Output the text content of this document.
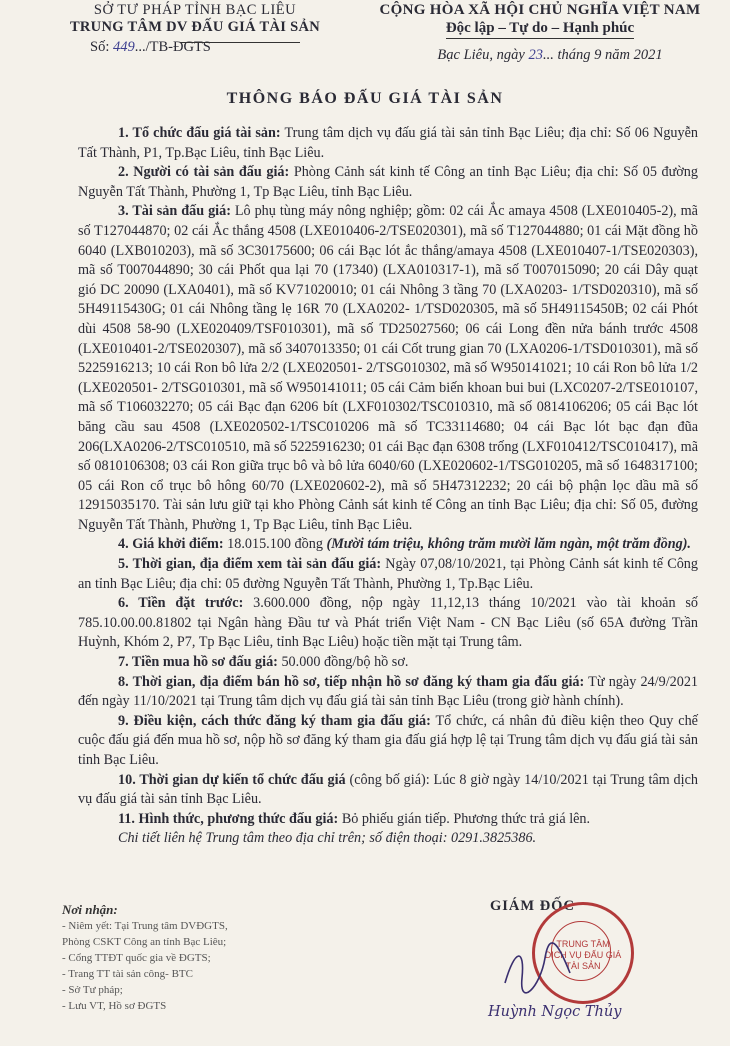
SỞ TƯ PHÁP TỈNH BẠC LIÊU
TRUNG TÂM DV ĐẤU GIÁ TÀI SẢN
Số: 449.../TB-ĐGTS
CỘNG HÒA XÃ HỘI CHỦ NGHĨA VIỆT NAM
Độc lập – Tự do – Hạnh phúc
Bạc Liêu, ngày 23... tháng 9 năm 2021
THÔNG BÁO ĐẤU GIÁ TÀI SẢN

1. Tổ chức đấu giá tài sản: Trung tâm dịch vụ đấu giá tài sản tỉnh Bạc Liêu; địa chỉ: Số 06 Nguyễn Tất Thành, P1, Tp.Bạc Liêu, tỉnh Bạc Liêu.

2. Người có tài sản đấu giá: Phòng Cảnh sát kinh tế Công an tỉnh Bạc Liêu; địa chỉ: Số 05 đường Nguyễn Tất Thành, Phường 1, Tp Bạc Liêu, tỉnh Bạc Liêu.

3. Tài sản đấu giá: Lô phụ tùng máy nông nghiệp; gồm: 02 cái Ắc amaya 4508 (LXE010405-2), mã số T127044870; 02 cái Ắc thắng 4508 (LXE010406-2/TSE020301), mã số T127044880; 01 cái Mặt đồng hồ 6040 (LXB010203), mã số 3C30175600; 06 cái Bạc lót ắc thắng/amaya 4508 (LXE010407-1/TSE020303), mã số T007044890; 30 cái Phốt qua lại 70 (17340) (LXA010317-1), mã số T007015090; 20 cái Dây quạt gió DC 20090 (LXA0401), mã số KV71020010; 01 cái Nhông 3 tầng 70 (LXA0203- 1/TSD020310), mã số 5H49115430G; 01 cái Nhông tầng lẹ 16R 70 (LXA0202- 1/TSD020305, mã số 5H49115450B; 02 cái Phót dùi 4508 58-90 (LXE020409/TSF010301), mã số TD25027560; 06 cái Long đền nửa bánh trước 4508 (LXE010401-2/TSE020307), mã số 3407013350; 01 cái Cốt trung gian 70 (LXA0206-1/TSD010301), mã số 5225916213; 10 cái Ron bô lửa 2/2 (LXE020501- 2/TSG010302, mã số W950141021; 10 cái Ron bô lửa 1/2 (LXE020501- 2/TSG010301, mã số W950141011; 05 cái Cảm biến khoan bui bui (LXC0207-2/TSE010107, mã số T106032270; 05 cái Bạc đạn 6206 bít (LXF010302/TSC010310, mã số 0814106206; 05 cái Bạc lót băng cầu sau 4508 (LXE020502-1/TSC010206 mã số TC33114680; 04 cái Bạc lót bạc đạn đũa 206(LXA0206-2/TSC010510, mã số 5225916230; 01 cái Bạc đạn 6308 trống (LXF010412/TSC010417), mã số 0810106308; 03 cái Ron giữa trục bô và bô lửa 6040/60 (LXE020602-1/TSG010205, mã số 1648317100; 05 cái Ron cổ trục bô hông 60/70 (LXE020602-2), mã số 5H47312232; 20 cái bộ phận lọc dầu mã số 12915035170. Tài sản lưu giữ tại kho Phòng Cảnh sát kinh tế Công an tỉnh Bạc Liêu; địa chỉ: Số 05, đường Nguyễn Tất Thành, Phường 1, Tp Bạc Liêu, tỉnh Bạc Liêu.

4. Giá khởi điểm: 18.015.100 đồng (Mười tám triệu, không trăm mười lăm ngàn, một trăm đồng).

5. Thời gian, địa điểm xem tài sản đấu giá: Ngày 07,08/10/2021, tại Phòng Cảnh sát kinh tế Công an tỉnh Bạc Liêu; địa chỉ: 05 đường Nguyễn Tất Thành, Phường 1, Tp.Bạc Liêu.

6. Tiền đặt trước: 3.600.000 đồng, nộp ngày 11,12,13 tháng 10/2021 vào tài khoản số 785.10.00.00.81802 tại Ngân hàng Đầu tư và Phát triển Việt Nam - CN Bạc Liêu (số 65A đường Trần Huỳnh, Khóm 2, P7, Tp Bạc Liêu, tỉnh Bạc Liêu) hoặc tiền mặt tại Trung tâm.

7. Tiền mua hồ sơ đấu giá: 50.000 đồng/bộ hồ sơ.

8. Thời gian, địa điểm bán hồ sơ, tiếp nhận hồ sơ đăng ký tham gia đấu giá: Từ ngày 24/9/2021 đến ngày 11/10/2021 tại Trung tâm dịch vụ đấu giá tài sản tỉnh Bạc Liêu (trong giờ hành chính).

9. Điều kiện, cách thức đăng ký tham gia đấu giá: Tổ chức, cá nhân đủ điều kiện theo Quy chế cuộc đấu giá đến mua hồ sơ, nộp hồ sơ đăng ký tham gia đấu giá hợp lệ tại Trung tâm dịch vụ đấu giá tài sản tỉnh Bạc Liêu.

10. Thời gian dự kiến tổ chức đấu giá (công bố giá): Lúc 8 giờ ngày 14/10/2021 tại Trung tâm dịch vụ đấu giá tài sản tỉnh Bạc Liêu.

11. Hình thức, phương thức đấu giá: Bỏ phiếu gián tiếp. Phương thức trả giá lên.

Chi tiết liên hệ Trung tâm theo địa chỉ trên; số điện thoại: 0291.3825386.

Nơi nhận:
- Niêm yết: Tại Trung tâm DVĐGTS,
Phòng CSKT Công an tỉnh Bạc Liêu;
- Cổng TTĐT quốc gia về ĐGTS;
- Trang TT tài sản công- BTC
- Sở Tư pháp;
- Lưu VT, Hồ sơ ĐGTS
GIÁM ĐỐC
TRUNG TÂM
DỊCH VỤ ĐẤU GIÁ
TÀI SẢN
Huỳnh Ngọc Thủy
